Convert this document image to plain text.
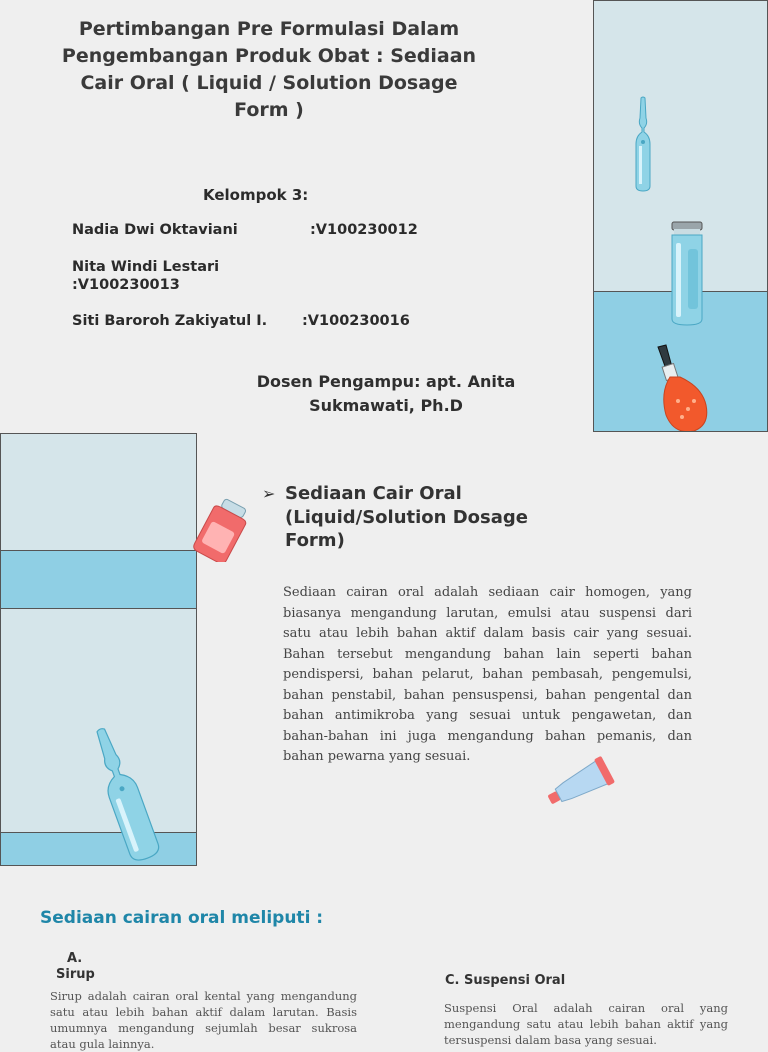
Pertimbangan Pre Formulasi Dalam Pengembangan Produk Obat : Sediaan Cair Oral ( Liquid / Solution Dosage Form )
Kelompok 3:
Nadia Dwi Oktaviani	:V100230012
Nita Windi Lestari
:V100230013
Siti Baroroh Zakiyatul I. :V100230016
Dosen Pengampu: apt. Anita Sukmawati, Ph.D
➢ Sediaan Cair Oral (Liquid/Solution Dosage Form)
Sediaan cairan oral adalah sediaan cair homogen, yang biasanya mengandung larutan, emulsi atau suspensi dari satu atau lebih bahan aktif dalam basis cair yang sesuai. Bahan tersebut mengandung bahan lain seperti bahan pendispersi, bahan pelarut, bahan pembasah, pengemulsi, bahan penstabil, bahan pensuspensi, bahan pengental dan bahan antimikroba yang sesuai untuk pengawetan, dan bahan-bahan ini juga mengandung bahan pemanis, dan bahan pewarna yang sesuai.
Sediaan cairan oral meliputi :
A.
Sirup
Sirup adalah cairan oral kental yang mengandung satu atau lebih bahan aktif dalam larutan. Basis umumnya mengandung sejumlah besar sukrosa atau gula lainnya.
C. Suspensi Oral
Suspensi Oral adalah cairan oral yang mengandung satu atau lebih bahan aktif yang tersuspensi dalam basa yang sesuai.
